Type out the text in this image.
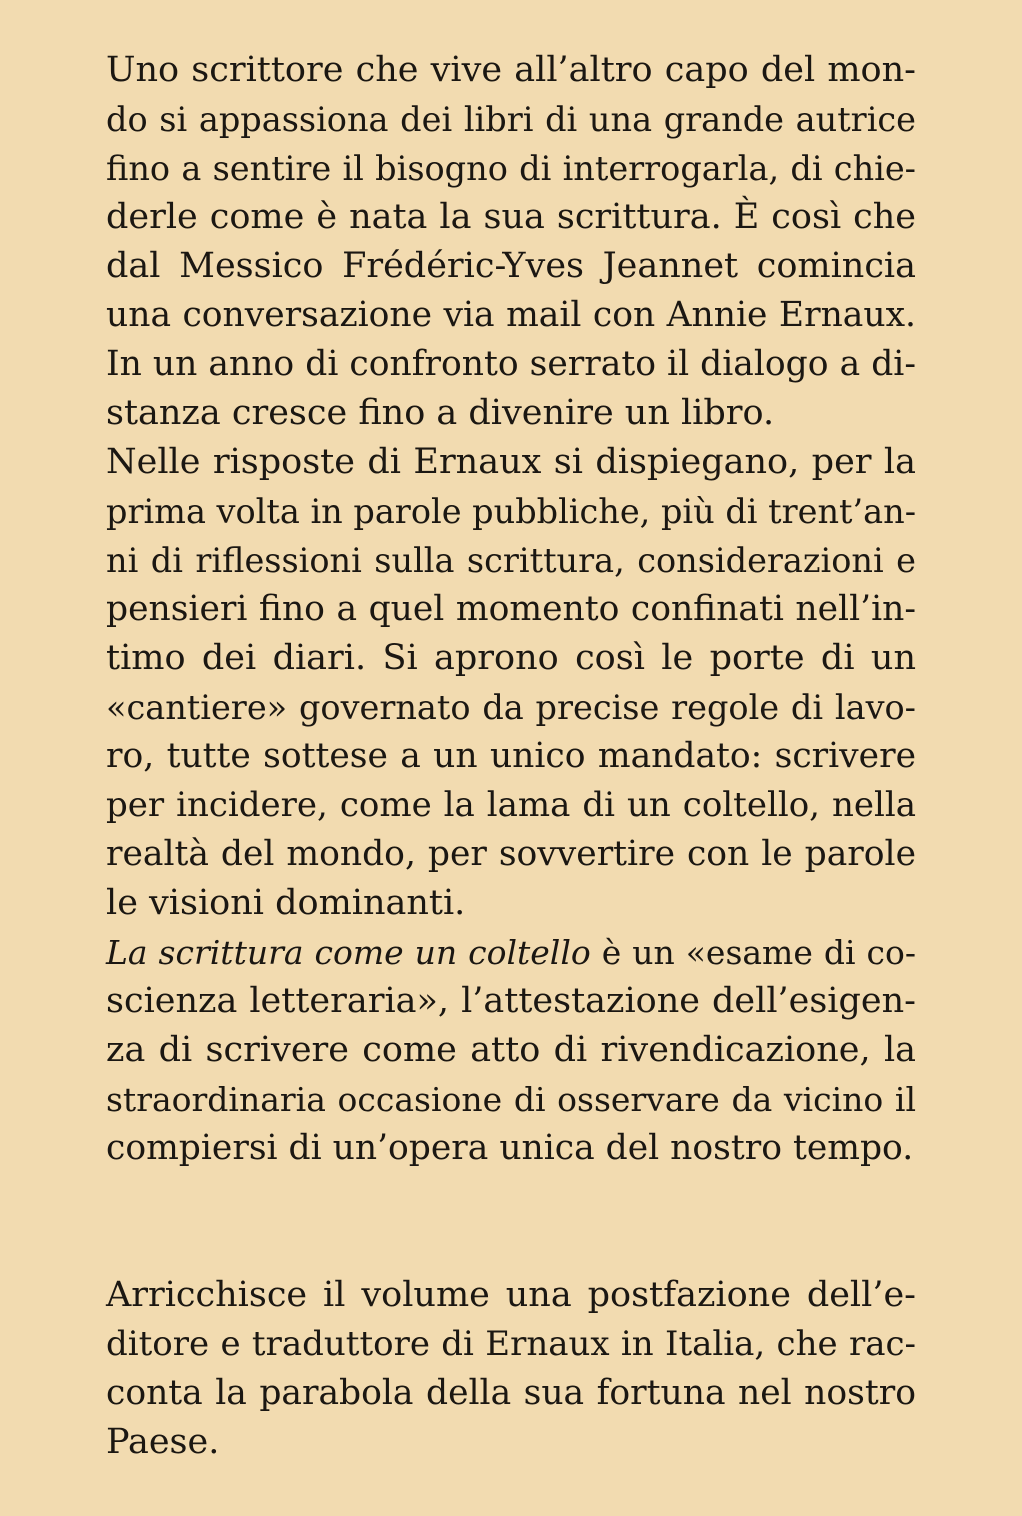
Uno scrittore che vive all’altro capo del mon-
do si appassiona dei libri di una grande autrice
fino a sentire il bisogno di interrogarla, di chie-
derle come è nata la sua scrittura. È così che
dal Messico Frédéric-Yves Jeannet comincia
una conversazione via mail con Annie Ernaux.
In un anno di confronto serrato il dialogo a di-
stanza cresce fino a divenire un libro.
Nelle risposte di Ernaux si dispiegano, per la
prima volta in parole pubbliche, più di trent’an-
ni di riflessioni sulla scrittura, considerazioni e
pensieri fino a quel momento confinati nell’in-
timo dei diari. Si aprono così le porte di un
«cantiere» governato da precise regole di lavo-
ro, tutte sottese a un unico mandato: scrivere
per incidere, come la lama di un coltello, nella
realtà del mondo, per sovvertire con le parole
le visioni dominanti.
La scrittura come un coltello è un «esame di co-
scienza letteraria», l’attestazione dell’esigen-
za di scrivere come atto di rivendicazione, la
straordinaria occasione di osservare da vicino il
compiersi di un’opera unica del nostro tempo.
Arricchisce il volume una postfazione dell’e-
ditore e traduttore di Ernaux in Italia, che rac-
conta la parabola della sua fortuna nel nostro
Paese.
